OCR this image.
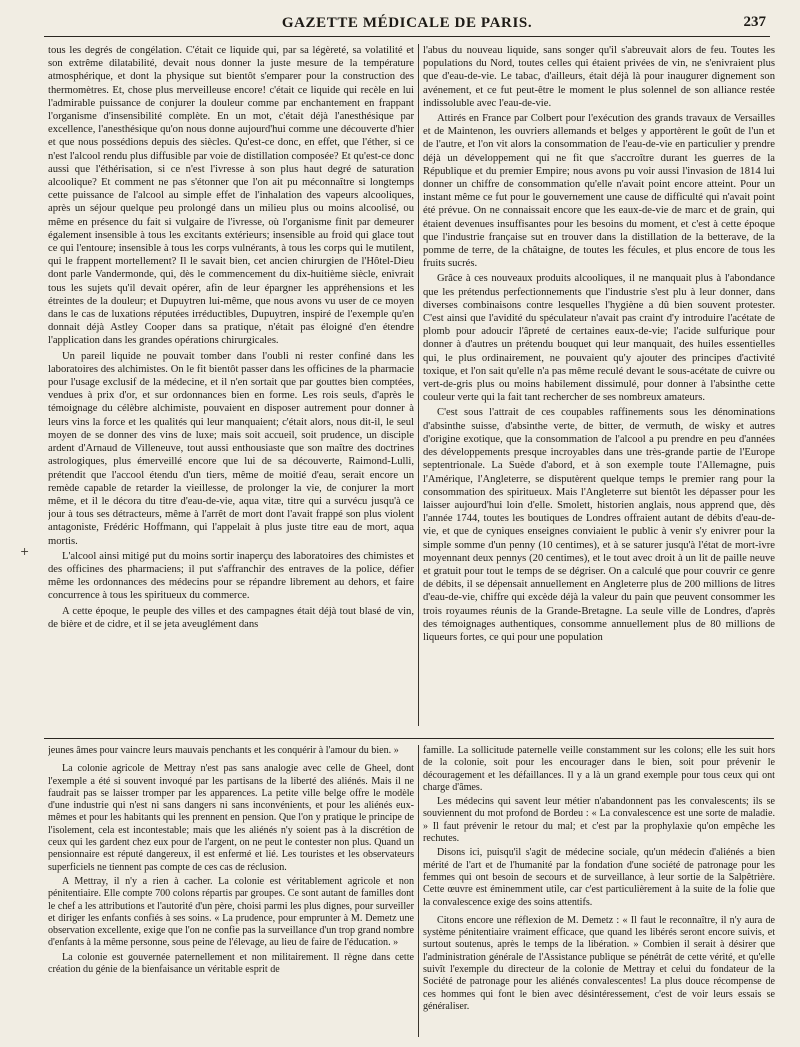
GAZETTE MÉDICALE DE PARIS.	237
+

tous les degrés de congélation. C'était ce liquide qui, par sa légèreté, sa volatilité et son extrême dilatabilité, devait nous donner la juste mesure de la température atmosphérique, et dont la physique sut bientôt s'emparer pour la construction des thermomètres. Et, chose plus merveilleuse encore! c'était ce liquide qui recèle en lui l'admirable puissance de conjurer la douleur comme par enchantement en frappant l'organisme d'insensibilité complète. En un mot, c'était déjà l'anesthésique par excellence, l'anesthésique qu'on nous donne aujourd'hui comme une découverte d'hier et que nous possédions depuis des siècles. Qu'est-ce donc, en effet, que l'éther, si ce n'est l'alcool rendu plus diffusible par voie de distillation composée? Et qu'est-ce donc aussi que l'éthérisation, si ce n'est l'ivresse à son plus haut degré de saturation alcoolique? Et comment ne pas s'étonner que l'on ait pu méconnaître si longtemps cette puissance de l'alcool au simple effet de l'inhalation des vapeurs alcooliques, après un séjour quelque peu prolongé dans un milieu plus ou moins alcoolisé, ou même en présence du fait si vulgaire de l'ivresse, où l'organisme finit par demeurer également insensible à tous les excitants extérieurs; insensible au froid qui glace tout ce qui l'entoure; insensible à tous les corps vulnérants, à tous les corps qui le mutilent, qui le frappent mortellement? Il le savait bien, cet ancien chirurgien de l'Hôtel-Dieu dont parle Vandermonde, qui, dès le commencement du dix-huitième siècle, enivrait tous les sujets qu'il devait opérer, afin de leur épargner les appréhensions et les étreintes de la douleur; et Dupuytren lui-même, que nous avons vu user de ce moyen dans le cas de luxations réputées irréductibles, Dupuytren, inspiré de l'exemple qu'en donnait déjà Astley Cooper dans sa pratique, n'était pas éloigné d'en étendre l'application dans les grandes opérations chirurgicales.

Un pareil liquide ne pouvait tomber dans l'oubli ni rester confiné dans les laboratoires des alchimistes. On le fit bientôt passer dans les officines de la pharmacie pour l'usage exclusif de la médecine, et il n'en sortait que par gouttes bien comptées, vendues à prix d'or, et sur ordonnances bien en forme. Les rois seuls, d'après le témoignage du célèbre alchimiste, pouvaient en disposer autrement pour donner à leurs vins la force et les qualités qui leur manquaient; c'était alors, nous dit-il, le seul moyen de se donner des vins de luxe; mais soit accueil, soit prudence, un disciple ardent d'Arnaud de Villeneuve, tout aussi enthousiaste que son maître des doctrines astrologiques, plus émerveillé encore que lui de sa découverte, Raimond-Lulli, prétendit que l'accool étendu d'un tiers, même de moitié d'eau, serait encore un remède capable de retarder la vieillesse, de prolonger la vie, de conjurer la mort même, et il le décora du titre d'eau-de-vie, aqua vitæ, titre qui a survécu jusqu'à ce jour à tous ses détracteurs, même à l'arrêt de mort dont l'avait frappé son plus violent antagoniste, Frédéric Hoffmann, qui l'appelait à plus juste titre eau de mort, aqua mortis.

L'alcool ainsi mitigé put du moins sortir inaperçu des laboratoires des chimistes et des officines des pharmaciens; il put s'affranchir des entraves de la police, défier même les ordonnances des médecins pour se répandre librement au dehors, et faire concurrence à tous les spiritueux du commerce.

A cette époque, le peuple des villes et des campagnes était déjà tout blasé de vin, de bière et de cidre, et il se jeta aveuglément dans

l'abus du nouveau liquide, sans songer qu'il s'abreuvait alors de feu. Toutes les populations du Nord, toutes celles qui étaient privées de vin, ne s'enivraient plus que d'eau-de-vie. Le tabac, d'ailleurs, était déjà là pour inaugurer dignement son avénement, et ce fut peut-être le moment le plus solennel de son alliance restée indissoluble avec l'eau-de-vie.

Attirés en France par Colbert pour l'exécution des grands travaux de Versailles et de Maintenon, les ouvriers allemands et belges y apportèrent le goût de l'un et de l'autre, et l'on vit alors la consommation de l'eau-de-vie en particulier y prendre déjà un développement qui ne fit que s'accroître durant les guerres de la République et du premier Empire; nous avons pu voir aussi l'invasion de 1814 lui donner un chiffre de consommation qu'elle n'avait point encore atteint. Pour un instant même ce fut pour le gouvernement une cause de difficulté qui n'avait point été prévue. On ne connaissait encore que les eaux-de-vie de marc et de grain, qui étaient devenues insuffisantes pour les besoins du moment, et c'est à cette époque que l'industrie française sut en trouver dans la distillation de la betterave, de la pomme de terre, de la châtaigne, de toutes les fécules, et plus encore de tous les fruits sucrés.

Grâce à ces nouveaux produits alcooliques, il ne manquait plus à l'abondance que les prétendus perfectionnements que l'industrie s'est plu à leur donner, dans diverses combinaisons contre lesquelles l'hygiène a dû bien souvent protester. C'est ainsi que l'avidité du spéculateur n'avait pas craint d'y introduire l'acétate de plomb pour adoucir l'âpreté de certaines eaux-de-vie; l'acide sulfurique pour donner à d'autres un prétendu bouquet qui leur manquait, des huiles essentielles qui, le plus ordinairement, ne pouvaient qu'y ajouter des principes d'activité toxique, et l'on sait qu'elle n'a pas même reculé devant le sous-acétate de cuivre ou vert-de-gris plus ou moins habilement dissimulé, pour donner à l'absinthe cette couleur verte qui la fait tant rechercher de ses nombreux amateurs.

C'est sous l'attrait de ces coupables raffinements sous les dénominations d'absinthe suisse, d'absinthe verte, de bitter, de vermuth, de wisky et autres d'origine exotique, que la consommation de l'alcool a pu prendre en peu d'années des développements presque incroyables dans une très-grande partie de l'Europe septentrionale. La Suède d'abord, et à son exemple toute l'Allemagne, puis l'Amérique, l'Angleterre, se disputèrent quelque temps le premier rang pour la consommation des spiritueux. Mais l'Angleterre sut bientôt les dépasser pour les laisser aujourd'hui loin d'elle. Smolett, historien anglais, nous apprend que, dès l'année 1744, toutes les boutiques de Londres offraient autant de débits d'eau-de-vie, et que de cyniques enseignes conviaient le public à venir s'y enivrer pour la simple somme d'un penny (10 centimes), et à se saturer jusqu'à l'état de mort-ivre moyennant deux pennys (20 centimes), et le tout avec droit à un lit de paille neuve et gratuit pour tout le temps de se dégriser. On a calculé que pour couvrir ce genre de débits, il se dépensait annuellement en Angleterre plus de 200 millions de litres d'eau-de-vie, chiffre qui excède déjà la valeur du pain que peuvent consommer les trois royaumes réunis de la Grande-Bretagne. La seule ville de Londres, d'après des témoignages authentiques, consomme annuellement plus de 80 millions de liqueurs fortes, ce qui pour une population

jeunes âmes pour vaincre leurs mauvais penchants et les conquérir à l'amour du bien. »

La colonie agricole de Mettray n'est pas sans analogie avec celle de Gheel, dont l'exemple a été si souvent invoqué par les partisans de la liberté des aliénés. Mais il ne faudrait pas se laisser tromper par les apparences. La petite ville belge offre le modèle d'une industrie qui n'est ni sans dangers ni sans inconvénients, et pour les aliénés eux-mêmes et pour les habitants qui les prennent en pension. Que l'on y pratique le principe de l'isolement, cela est incontestable; mais que les aliénés n'y soient pas à la discrétion de ceux qui les gardent chez eux pour de l'argent, on ne peut le contester non plus. Quand un pensionnaire est réputé dangereux, il est enfermé et lié. Les touristes et les observateurs superficiels ne tiennent pas compte de ces cas de réclusion.

A Mettray, il n'y a rien à cacher. La colonie est véritablement agricole et non pénitentiaire. Elle compte 700 colons répartis par groupes. Ce sont autant de familles dont le chef a les attributions et l'autorité d'un père, choisi parmi les plus dignes, pour surveiller et diriger les enfants confiés à ses soins. « La prudence, pour emprunter à M. Demetz une observation excellente, exige que l'on ne confie pas la surveillance d'un trop grand nombre d'enfants à la même personne, sous peine de l'élevage, au lieu de faire de l'éducation. »

La colonie est gouvernée paternellement et non militairement. Il règne dans cette création du génie de la bienfaisance un véritable esprit de

famille. La sollicitude paternelle veille constamment sur les colons; elle les suit hors de la colonie, soit pour les encourager dans le bien, soit pour prévenir le découragement et les défaillances. Il y a là un grand exemple pour tous ceux qui ont charge d'âmes.

Les médecins qui savent leur métier n'abandonnent pas les convalescents; ils se souviennent du mot profond de Bordeu : « La convalescence est une sorte de maladie. » Il faut prévenir le retour du mal; et c'est par la prophylaxie qu'on empêche les rechutes.

Disons ici, puisqu'il s'agit de médecine sociale, qu'un médecin d'aliénés a bien mérité de l'art et de l'humanité par la fondation d'une société de patronage pour les femmes qui ont besoin de secours et de surveillance, à leur sortie de la Salpêtrière. Cette œuvre est éminemment utile, car c'est particulièrement à la suite de la folie que la convalescence exige des soins attentifs.

Citons encore une réflexion de M. Demetz : « Il faut le reconnaître, il n'y aura de système pénitentiaire vraiment efficace, que quand les libérés seront encore suivis, et surtout soutenus, après le temps de la libération. » Combien il serait à désirer que l'administration générale de l'Assistance publique se pénétrât de cette vérité, et qu'elle suivît l'exemple du directeur de la colonie de Mettray et celui du fondateur de la Société de patronage pour les aliénés convalescentes! La plus douce récompense de ces hommes qui font le bien avec désintéressement, c'est de voir leurs essais se généraliser.
